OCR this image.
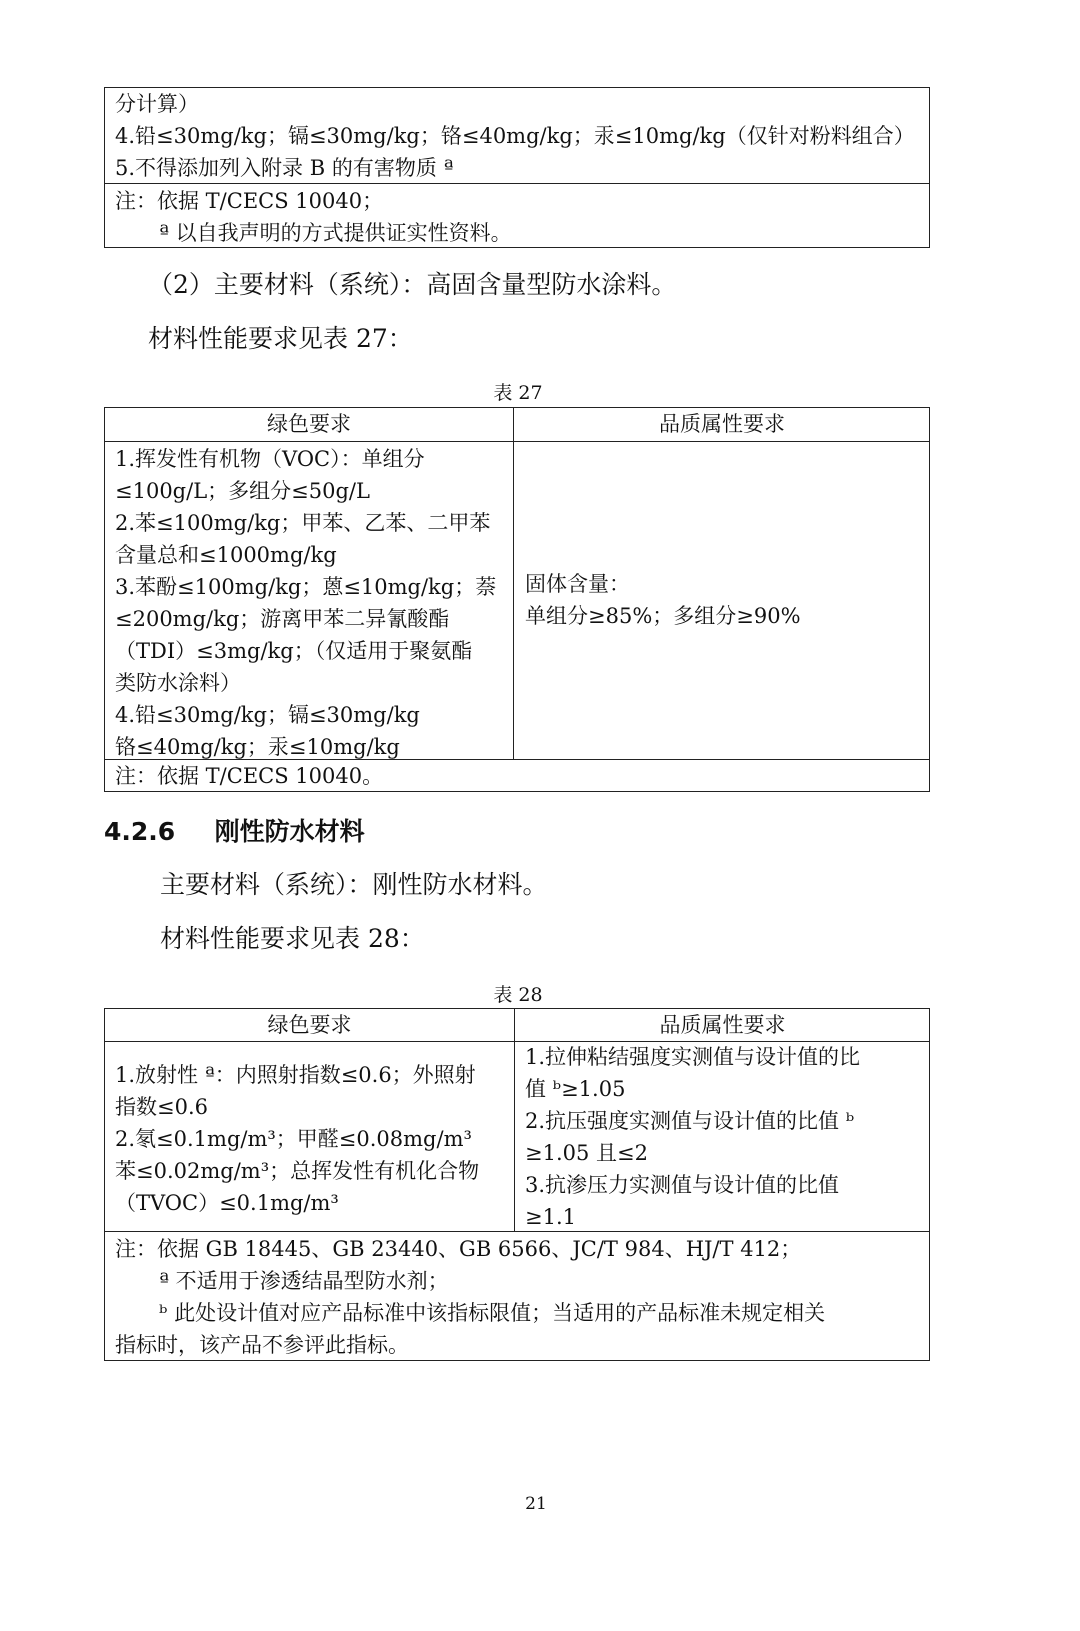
分计算）
4.铅≤30mg/kg；镉≤30mg/kg；铬≤40mg/kg；汞≤10mg/kg（仅针对粉料组合）
5.不得添加列入附录 B 的有害物质 ª
注：依据 T/CECS 10040；
ª 以自我声明的方式提供证实性资料。
（2）主要材料（系统）：高固含量型防水涂料。
材料性能要求见表 27：
表 27
绿色要求	品质属性要求
1.挥发性有机物（VOC）：单组分
≤100g/L；多组分≤50g/L
2.苯≤100mg/kg；甲苯、乙苯、二甲苯
含量总和≤1000mg/kg
3.苯酚≤100mg/kg；蒽≤10mg/kg；萘
≤200mg/kg；游离甲苯二异氰酸酯
（TDI）≤3mg/kg；（仅适用于聚氨酯
类防水涂料）
4.铅≤30mg/kg；镉≤30mg/kg
铬≤40mg/kg；汞≤10mg/kg
固体含量：
单组分≥85%；多组分≥90%
注：依据 T/CECS 10040。
4.2.6 刚性防水材料
主要材料（系统）：刚性防水材料。
材料性能要求见表 28：
表 28
绿色要求	品质属性要求
1.放射性 ª：内照射指数≤0.6；外照射
指数≤0.6
2.氡≤0.1mg/m³；甲醛≤0.08mg/m³
苯≤0.02mg/m³；总挥发性有机化合物
（TVOC）≤0.1mg/m³
1.拉伸粘结强度实测值与设计值的比
值 ᵇ≥1.05
2.抗压强度实测值与设计值的比值 ᵇ
≥1.05 且≤2
3.抗渗压力实测值与设计值的比值
≥1.1
注：依据 GB 18445、GB 23440、GB 6566、JC/T 984、HJ/T 412；
ª 不适用于渗透结晶型防水剂；
ᵇ 此处设计值对应产品标准中该指标限值；当适用的产品标准未规定相关
指标时，该产品不参评此指标。
21
